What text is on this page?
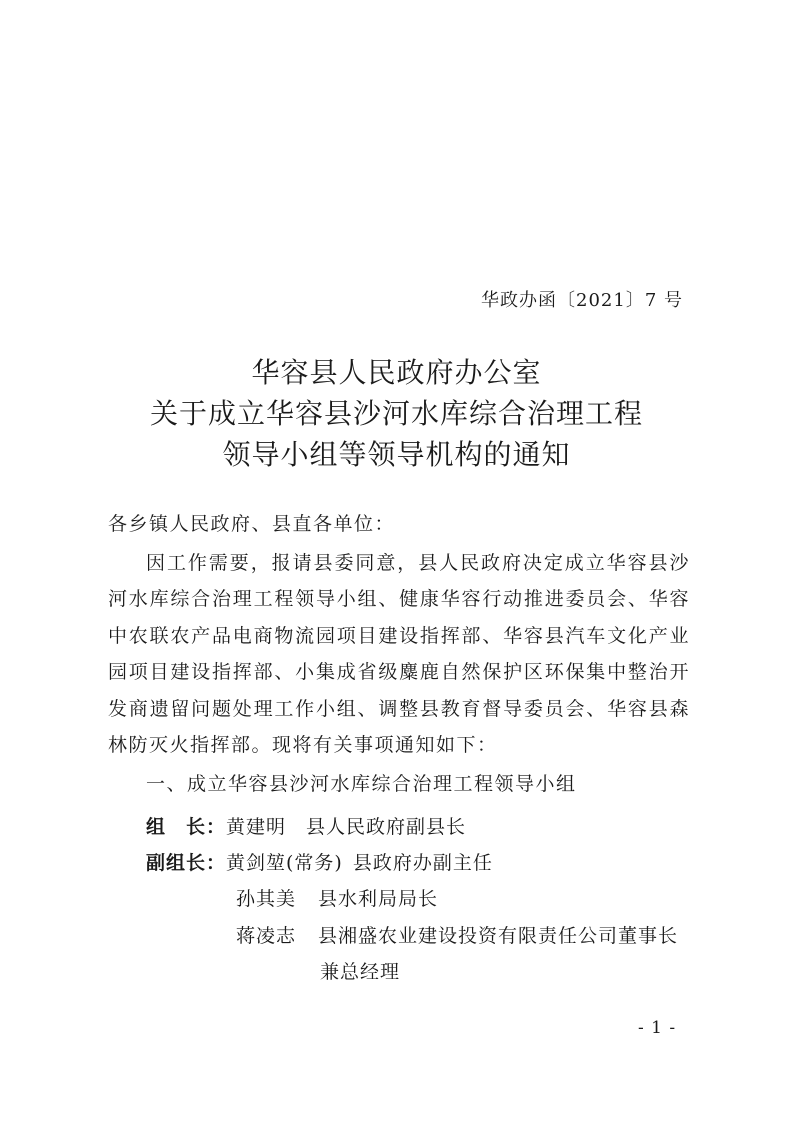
华政办函〔2021〕7 号
华容县人民政府办公室
关于成立华容县沙河水库综合治理工程
领导小组等领导机构的通知
各乡镇人民政府、县直各单位：
因工作需要，报请县委同意，县人民政府决定成立华容县沙河水库综合治理工程领导小组、健康华容行动推进委员会、华容中农联农产品电商物流园项目建设指挥部、华容县汽车文化产业园项目建设指挥部、小集成省级麋鹿自然保护区环保集中整治开发商遗留问题处理工作小组、调整县教育督导委员会、华容县森林防灭火指挥部。现将有关事项通知如下：
一、成立华容县沙河水库综合治理工程领导小组
组　长：黄建明 县人民政府副县长
副组长：黄剑堃(常务) 县政府办副主任
孙其美 县水利局局长
蒋凌志 县湘盛农业建设投资有限责任公司董事长
兼总经理
- 1 -
